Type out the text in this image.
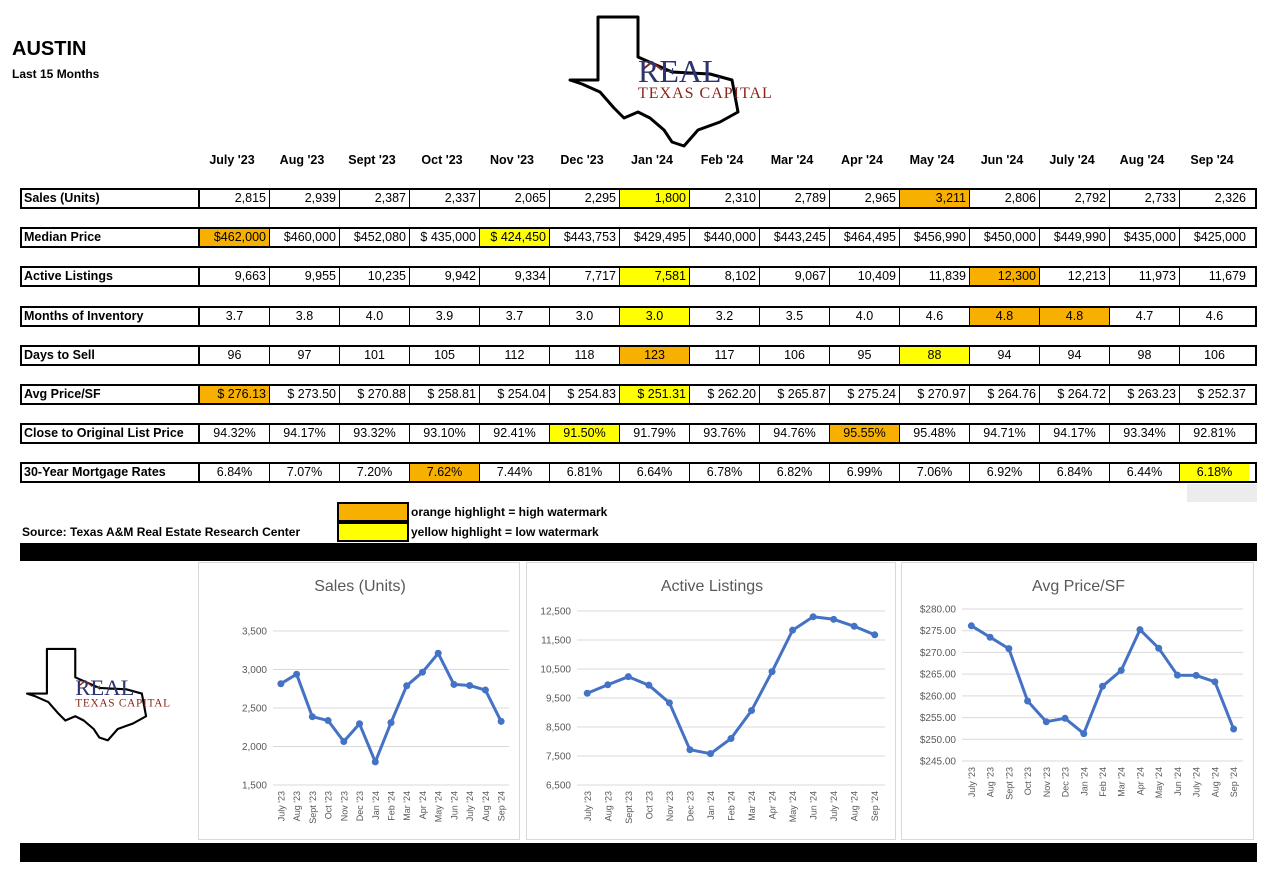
AUSTIN
Last 15 Months	REAL
TEXAS CAPITAL
July '23	Aug '23	Sept '23	Oct '23	Nov '23	Dec '23	Jan '24	Feb '24	Mar '24	Apr '24	May '24	Jun '24	July '24	Aug '24	Sep '24
Sales (Units)	2,815	2,939	2,387	2,337	2,065	2,295	1,800	2,310	2,789	2,965	3,211	2,806	2,792	2,733	2,326
Median Price	$462,000	$460,000	$452,080	$ 435,000	$ 424,450	$443,753	$429,495	$440,000	$443,245	$464,495	$456,990	$450,000	$449,990	$435,000	$425,000
Active Listings	9,663	9,955	10,235	9,942	9,334	7,717	7,581	8,102	9,067	10,409	11,839	12,300	12,213	11,973	11,679
Months of Inventory	3.7	3.8	4.0	3.9	3.7	3.0	3.0	3.2	3.5	4.0	4.6	4.8	4.8	4.7	4.6
Days to Sell	96	97	101	105	112	118	123	117	106	95	88	94	94	98	106
Avg Price/SF	$ 276.13	$ 273.50	$ 270.88	$ 258.81	$ 254.04	$ 254.83	$ 251.31	$ 262.20	$ 265.87	$ 275.24	$ 270.97	$ 264.76	$ 264.72	$ 263.23	$ 252.37
Close to Original List Price	94.32%	94.17%	93.32%	93.10%	92.41%	91.50%	91.79%	93.76%	94.76%	95.55%	95.48%	94.71%	94.17%	93.34%	92.81%
30-Year Mortgage Rates	6.84%	7.07%	7.20%	7.62%	7.44%	6.81%	6.64%	6.78%	6.82%	6.99%	7.06%	6.92%	6.84%	6.44%	6.18%
Source: Texas A&M Real Estate Research Center
orange highlight = high watermark
yellow highlight = low watermark
REAL
TEXAS CAPITAL
Sales (Units)
1,500
2,000
2,500
3,000
3,500
July '23 Aug '23 Sept '23 Oct '23 Nov '23 Dec '23 Jan '24 Feb '24 Mar '24 Apr '24 May '24 Jun '24 July '24 Aug '24 Sep '24
Active Listings
6,500
7,500
8,500
9,500
10,500
11,500
12,500
July '23 Aug '23 Sept '23 Oct '23 Nov '23 Dec '23 Jan '24 Feb '24 Mar '24 Apr '24 May '24 Jun '24 July '24 Aug '24 Sep '24
Avg Price/SF
$245.00
$250.00
$255.00
$260.00
$265.00
$270.00
$275.00
$280.00
July '23 Aug '23 Sept '23 Oct '23 Nov '23 Dec '23 Jan '24 Feb '24 Mar '24 Apr '24 May '24 Jun '24 July '24 Aug '24 Sep '24
